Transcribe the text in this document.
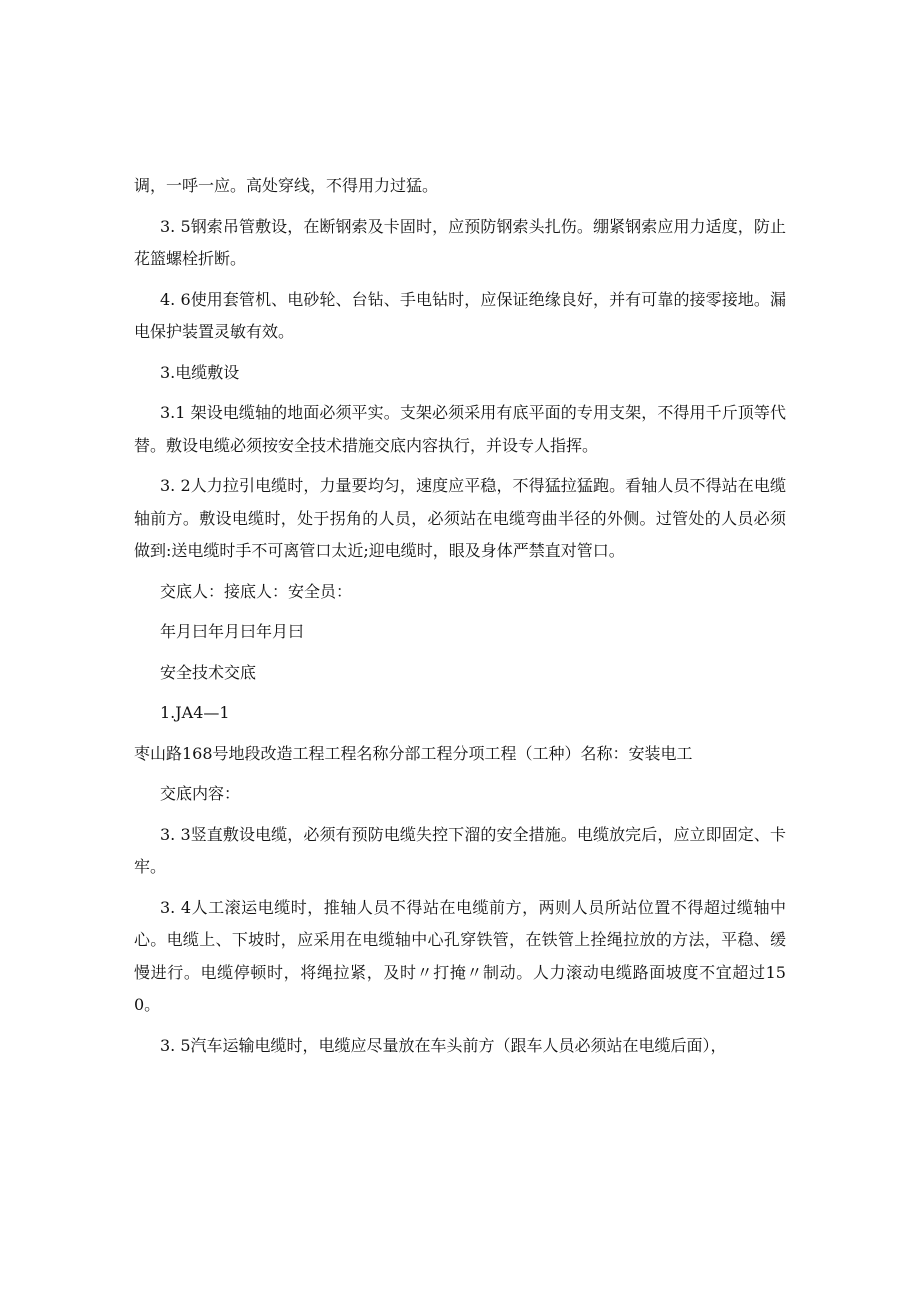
调，一呼一应。高处穿线，不得用力过猛。

3. 5钢索吊管敷设，在断钢索及卡固时，应预防钢索头扎伤。绷紧钢索应用力适度，防止花篮螺栓折断。

4. 6使用套管机、电砂轮、台钻、手电钻时，应保证绝缘良好，并有可靠的接零接地。漏电保护装置灵敏有效。

3.电缆敷设

3.1 架设电缆轴的地面必须平实。支架必须采用有底平面的专用支架，不得用千斤顶等代替。敷设电缆必须按安全技术措施交底内容执行，并设专人指挥。

3. 2人力拉引电缆时，力量要均匀，速度应平稳，不得猛拉猛跑。看轴人员不得站在电缆轴前方。敷设电缆时，处于拐角的人员，必须站在电缆弯曲半径的外侧。过管处的人员必须做到:送电缆时手不可离管口太近;迎电缆时，眼及身体严禁直对管口。

交底人：接底人：安全员：

年月曰年月曰年月曰

安全技术交底

1.JA4—1

枣山路168号地段改造工程工程名称分部工程分项工程（工种）名称：安装电工

交底内容：

3. 3竖直敷设电缆，必须有预防电缆失控下溜的安全措施。电缆放完后，应立即固定、卡牢。

3. 4人工滚运电缆时，推轴人员不得站在电缆前方，两则人员所站位置不得超过缆轴中心。电缆上、下坡时，应采用在电缆轴中心孔穿铁管，在铁管上拴绳拉放的方法，平稳、缓慢进行。电缆停顿时，将绳拉紧，及时〃打掩〃制动。人力滚动电缆路面坡度不宜超过150。

3. 5汽车运输电缆时，电缆应尽量放在车头前方（跟车人员必须站在电缆后面），
